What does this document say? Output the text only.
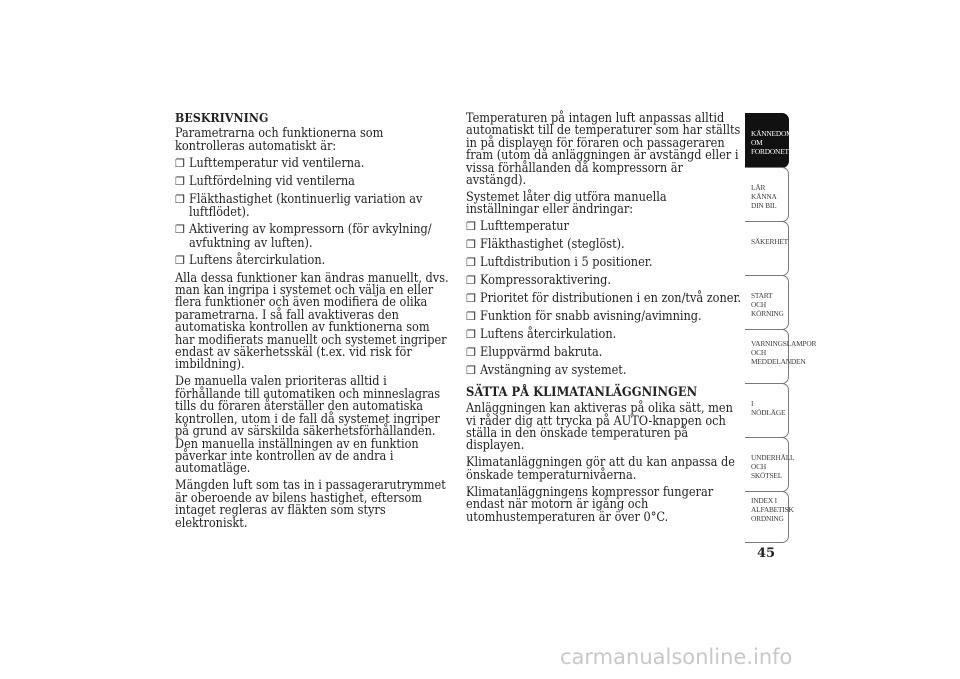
BESKRIVNING

Parametrarna och funktionerna som kontrolleras automatiskt är:

❐ Lufttemperatur vid ventilerna.

❐ Luftfördelning vid ventilerna

❐ Fläkthastighet (kontinuerlig variation av luftflödet).

❐ Aktivering av kompressorn (för avkylning/ avfuktning av luften).

❐ Luftens återcirkulation.

Alla dessa funktioner kan ändras manuellt, dvs. man kan ingripa i systemet och välja en eller flera funktioner och även modifiera de olika parametrarna. I så fall avaktiveras den automatiska kontrollen av funktionerna som har modifierats manuellt och systemet ingriper endast av säkerhetsskäl (t.ex. vid risk för imbildning).

De manuella valen prioriteras alltid i förhållande till automatiken och minneslagras tills du föraren återställer den automatiska kontrollen, utom i de fall då systemet ingriper på grund av särskilda säkerhetsförhållanden. Den manuella inställningen av en funktion påverkar inte kontrollen av de andra i automatläge.

Mängden luft som tas in i passagerarutrymmet är oberoende av bilens hastighet, eftersom intaget regleras av fläkten som styrs elektroniskt.

Temperaturen på intagen luft anpassas alltid automatiskt till de temperaturer som har ställts in på displayen för föraren och passageraren fram (utom då anläggningen är avstängd eller i vissa förhållanden då kompressorn är avstängd).

Systemet låter dig utföra manuella inställningar eller ändringar:

❐ Lufttemperatur

❐ Fläkthastighet (steglöst).

❐ Luftdistribution i 5 positioner.

❐ Kompressoraktivering.

❐ Prioritet för distributionen i en zon/två zoner.

❐ Funktion för snabb avisning/avimning.

❐ Luftens återcirkulation.

❐ Eluppvärmd bakruta.

❐ Avstängning av systemet.

SÄTTA PÅ KLIMATANLÄGGNINGEN

Anläggningen kan aktiveras på olika sätt, men vi råder dig att trycka på AUTO-knappen och ställa in den önskade temperaturen på displayen.

Klimatanläggningen gör att du kan anpassa de önskade temperaturnivåerna.

Klimatanläggningens kompressor fungerar endast när motorn är igång och utomhustemperaturen är över 0°C.

KÄNNEDOM OM FORDONET
LÄR KÄNNA DIN BIL
SÄKERHET
START OCH KÖRNING
VARNINGSLAMPOR OCH MEDDELANDEN
I NÖDLÄGE
UNDERHÅLL OCH SKÖTSEL
INDEX I ALFABETISK ORDNING
45
carmanualsonline.info
